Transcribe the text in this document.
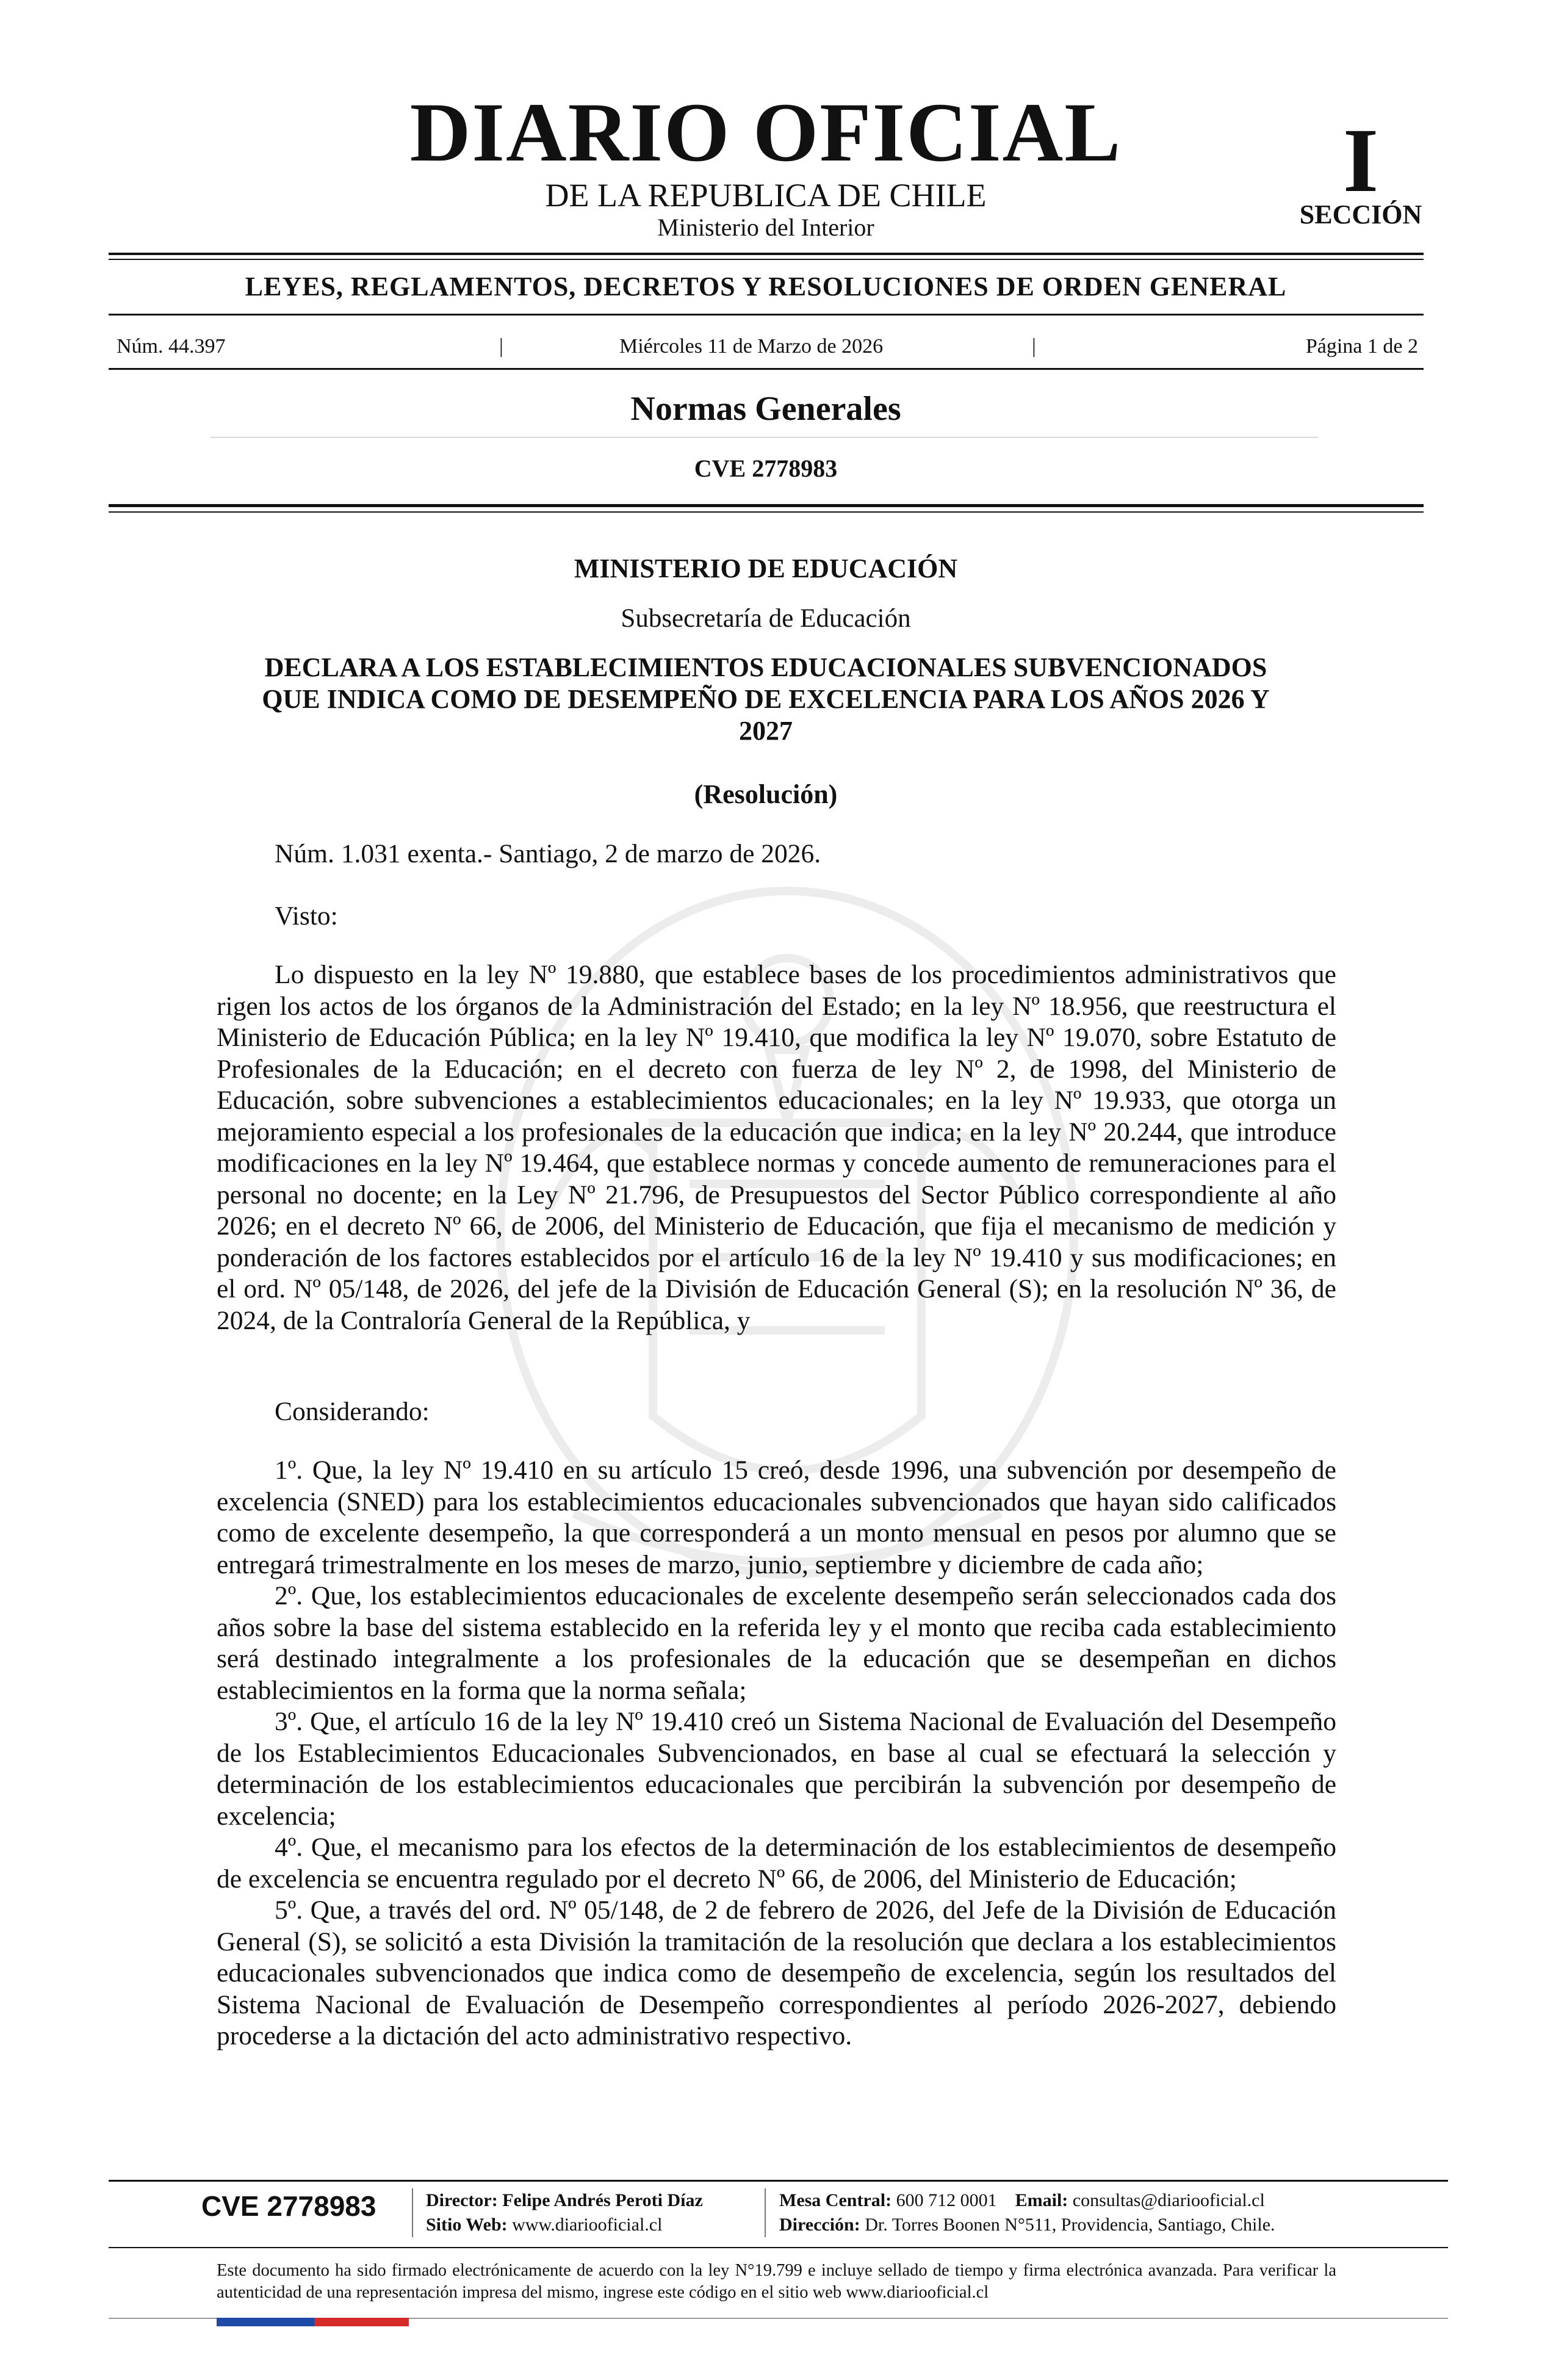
DIARIO OFICIAL
DE LA REPUBLICA DE CHILE
Ministerio del Interior
I
SECCIÓN
LEYES, REGLAMENTOS, DECRETOS Y RESOLUCIONES DE ORDEN GENERAL
Núm. 44.397	|	Miércoles 11 de Marzo de 2026	|	Página 1 de 2
Normas Generales
CVE 2778983
MINISTERIO DE EDUCACIÓN
Subsecretaría de Educación
DECLARA A LOS ESTABLECIMIENTOS EDUCACIONALES SUBVENCIONADOS
QUE INDICA COMO DE DESEMPEÑO DE EXCELENCIA PARA LOS AÑOS 2026 Y
2027
(Resolución)
Núm. 1.031 exenta.- Santiago, 2 de marzo de 2026.
Visto:
Lo dispuesto en la ley Nº 19.880, que establece bases de los procedimientos administrativos que rigen los actos de los órganos de la Administración del Estado; en la ley Nº 18.956, que reestructura el Ministerio de Educación Pública; en la ley Nº 19.410, que modifica la ley Nº 19.070, sobre Estatuto de Profesionales de la Educación; en el decreto con fuerza de ley Nº 2, de 1998, del Ministerio de Educación, sobre subvenciones a establecimientos educacionales; en la ley Nº 19.933, que otorga un mejoramiento especial a los profesionales de la educación que indica; en la ley Nº 20.244, que introduce modificaciones en la ley Nº 19.464, que establece normas y concede aumento de remuneraciones para el personal no docente; en la Ley Nº 21.796, de Presupuestos del Sector Público correspondiente al año 2026; en el decreto Nº 66, de 2006, del Ministerio de Educación, que fija el mecanismo de medición y ponderación de los factores establecidos por el artículo 16 de la ley Nº 19.410 y sus modificaciones; en el ord. Nº 05/148, de 2026, del jefe de la División de Educación General (S); en la resolución Nº 36, de 2024, de la Contraloría General de la República, y
Considerando:
1º. Que, la ley Nº 19.410 en su artículo 15 creó, desde 1996, una subvención por desempeño de excelencia (SNED) para los establecimientos educacionales subvencionados que hayan sido calificados como de excelente desempeño, la que corresponderá a un monto mensual en pesos por alumno que se entregará trimestralmente en los meses de marzo, junio, septiembre y diciembre de cada año;
2º. Que, los establecimientos educacionales de excelente desempeño serán seleccionados cada dos años sobre la base del sistema establecido en la referida ley y el monto que reciba cada establecimiento será destinado integralmente a los profesionales de la educación que se desempeñan en dichos establecimientos en la forma que la norma señala;
3º. Que, el artículo 16 de la ley Nº 19.410 creó un Sistema Nacional de Evaluación del Desempeño de los Establecimientos Educacionales Subvencionados, en base al cual se efectuará la selección y determinación de los establecimientos educacionales que percibirán la subvención por desempeño de excelencia;
4º. Que, el mecanismo para los efectos de la determinación de los establecimientos de desempeño de excelencia se encuentra regulado por el decreto Nº 66, de 2006, del Ministerio de Educación;
5º. Que, a través del ord. Nº 05/148, de 2 de febrero de 2026, del Jefe de la División de Educación General (S), se solicitó a esta División la tramitación de la resolución que declara a los establecimientos educacionales subvencionados que indica como de desempeño de excelencia, según los resultados del Sistema Nacional de Evaluación de Desempeño correspondientes al período 2026-2027, debiendo procederse a la dictación del acto administrativo respectivo.
CVE 2778983	Director: Felipe Andrés Peroti Díaz
Sitio Web: www.diariooficial.cl
Mesa Central: 600 712 0001 Email: consultas@diariooficial.cl
Dirección: Dr. Torres Boonen N°511, Providencia, Santiago, Chile.
Este documento ha sido firmado electrónicamente de acuerdo con la ley N°19.799 e incluye sellado de tiempo y firma electrónica avanzada. Para verificar la autenticidad de una representación impresa del mismo, ingrese este código en el sitio web www.diariooficial.cl
